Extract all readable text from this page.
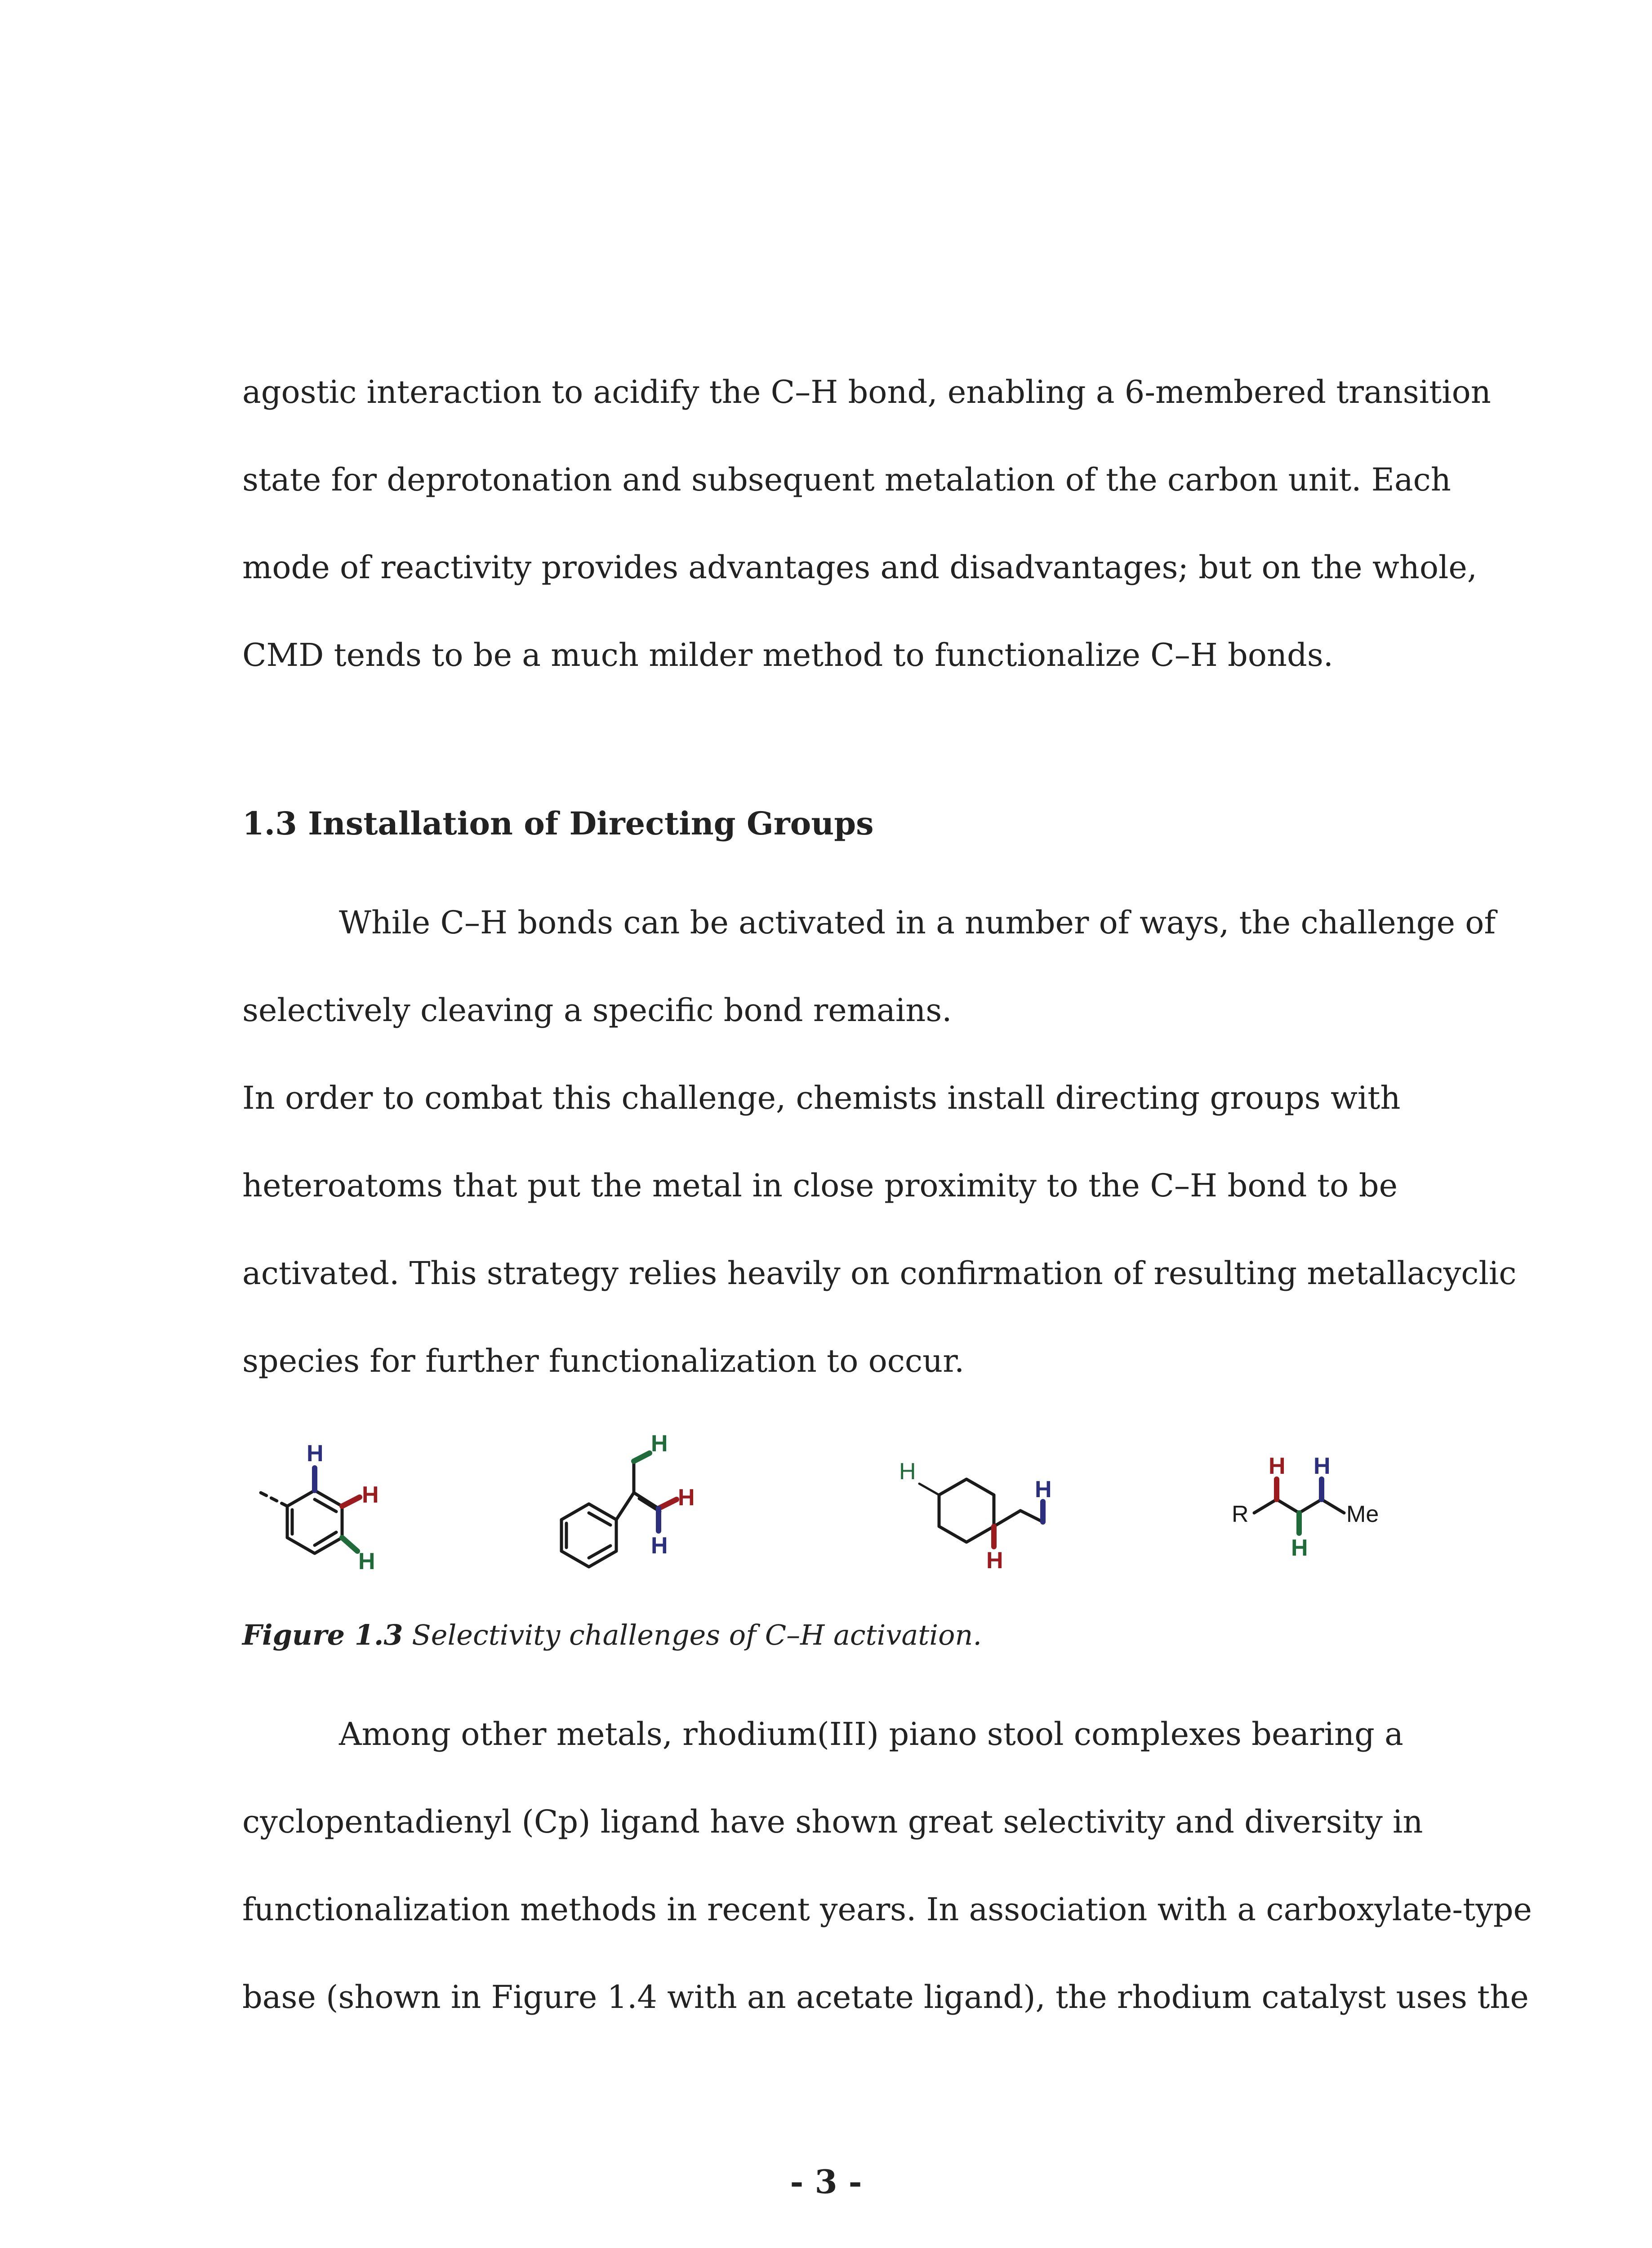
agostic interaction to acidify the C–H bond, enabling a 6-membered transition
state for deprotonation and subsequent metalation of the carbon unit. Each
mode of reactivity provides advantages and disadvantages; but on the whole,
CMD tends to be a much milder method to functionalize C–H bonds.
1.3 Installation of Directing Groups
While C–H bonds can be activated in a number of ways, the challenge of
selectively cleaving a specific bond remains.
In order to combat this challenge, chemists install directing groups with
heteroatoms that put the metal in close proximity to the C–H bond to be
activated. This strategy relies heavily on confirmation of resulting metallacyclic
species for further functionalization to occur.
H
H
H
H
H
H
H
H
H
R
H
H
H
Me
Figure 1.3 Selectivity challenges of C–H activation.
Among other metals, rhodium(III) piano stool complexes bearing a
cyclopentadienyl (Cp) ligand have shown great selectivity and diversity in
functionalization methods in recent years. In association with a carboxylate-type
base (shown in Figure 1.4 with an acetate ligand), the rhodium catalyst uses the
- 3 -
